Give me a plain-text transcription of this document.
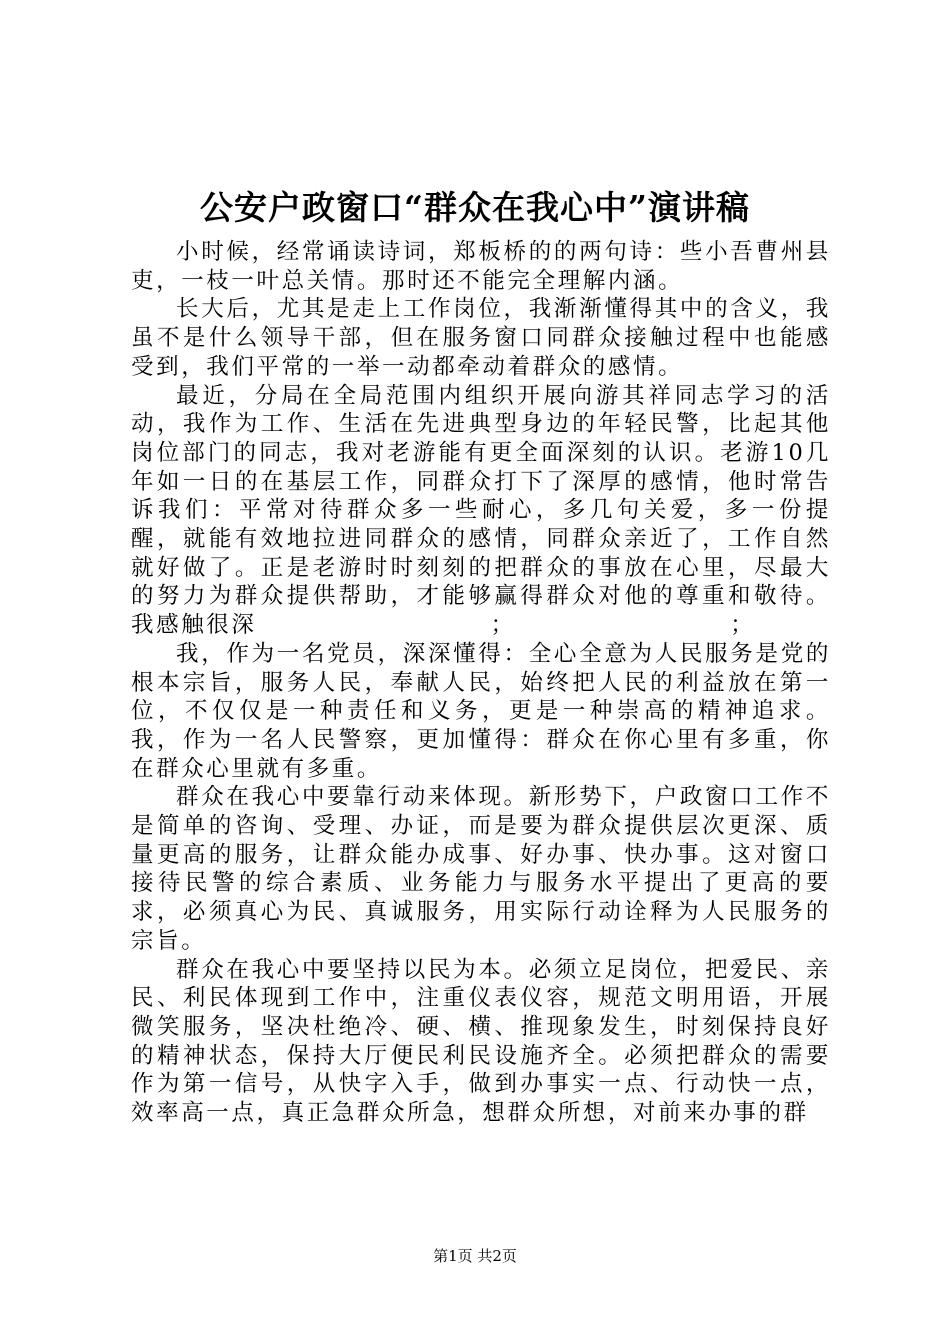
公安户政窗口“群众在我心中”演讲稿

小时候，经常诵读诗词，郑板桥的的两句诗：些小吾曹州县吏，一枝一叶总关情。那时还不能完全理解内涵。

长大后，尤其是走上工作岗位，我渐渐懂得其中的含义，我虽不是什么领导干部，但在服务窗口同群众接触过程中也能感受到，我们平常的一举一动都牵动着群众的感情。

最近，分局在全局范围内组织开展向游其祥同志学习的活动，我作为工作、生活在先进典型身边的年轻民警，比起其他岗位部门的同志，我对老游能有更全面深刻的认识。老游10几年如一日的在基层工作，同群众打下了深厚的感情，他时常告诉我们：平常对待群众多一些耐心，多几句关爱，多一份提醒，就能有效地拉进同群众的感情，同群众亲近了，工作自然就好做了。正是老游时时刻刻的把群众的事放在心里，尽最大的努力为群众提供帮助，才能够赢得群众对他的尊重和敬待。我感触很深                        ；                      ；

我，作为一名党员，深深懂得：全心全意为人民服务是党的根本宗旨，服务人民，奉献人民，始终把人民的利益放在第一位，不仅仅是一种责任和义务，更是一种崇高的精神追求。我，作为一名人民警察，更加懂得：群众在你心里有多重，你在群众心里就有多重。

群众在我心中要靠行动来体现。新形势下，户政窗口工作不是简单的咨询、受理、办证，而是要为群众提供层次更深、质量更高的服务，让群众能办成事、好办事、快办事。这对窗口接待民警的综合素质、业务能力与服务水平提出了更高的要求，必须真心为民、真诚服务，用实际行动诠释为人民服务的宗旨。

群众在我心中要坚持以民为本。必须立足岗位，把爱民、亲民、利民体现到工作中，注重仪表仪容，规范文明用语，开展微笑服务，坚决杜绝冷、硬、横、推现象发生，时刻保持良好的精神状态，保持大厅便民利民设施齐全。必须把群众的需要作为第一信号，从快字入手，做到办事实一点、行动快一点，效率高一点，真正急群众所急，想群众所想，对前来办事的群

第1页 共2页
